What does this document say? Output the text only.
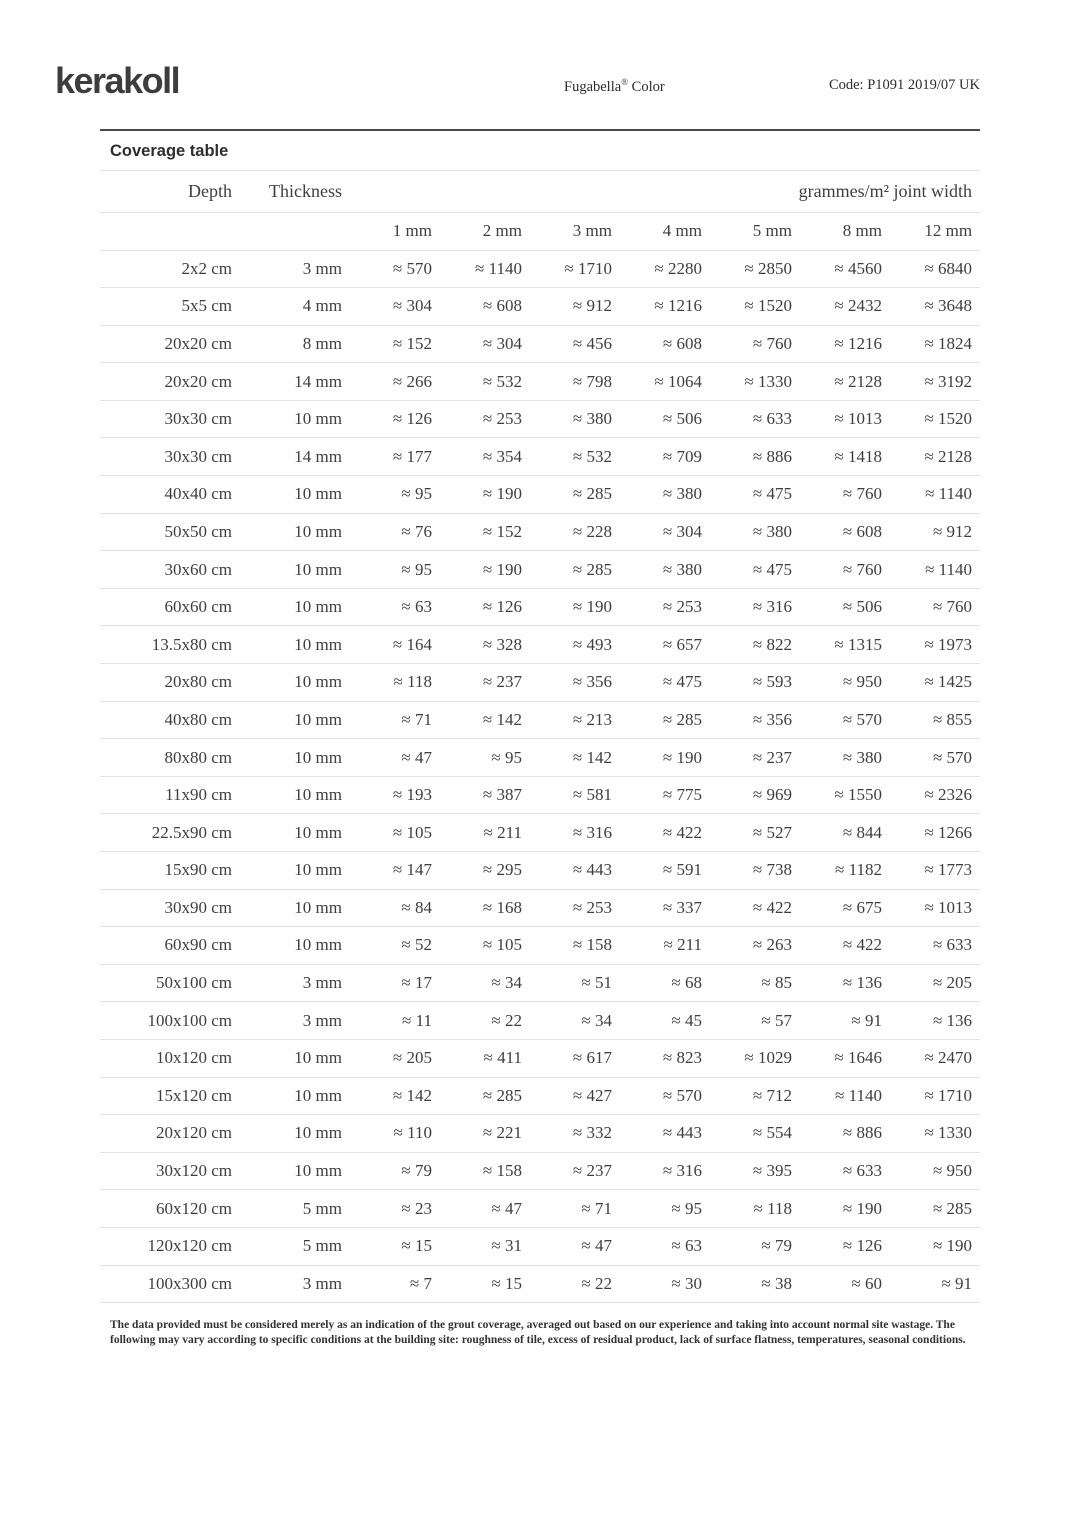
kerakoll	Fugabella® Color	Code: P1091 2019/07 UK
Coverage table
Depth	Thickness	grammes/m² joint width						
		1 mm	2 mm	3 mm	4 mm	5 mm	8 mm	12 mm
2x2 cm	3 mm	≈ 570	≈ 1140	≈ 1710	≈ 2280	≈ 2850	≈ 4560	≈ 6840
5x5 cm	4 mm	≈ 304	≈ 608	≈ 912	≈ 1216	≈ 1520	≈ 2432	≈ 3648
20x20 cm	8 mm	≈ 152	≈ 304	≈ 456	≈ 608	≈ 760	≈ 1216	≈ 1824
20x20 cm	14 mm	≈ 266	≈ 532	≈ 798	≈ 1064	≈ 1330	≈ 2128	≈ 3192
30x30 cm	10 mm	≈ 126	≈ 253	≈ 380	≈ 506	≈ 633	≈ 1013	≈ 1520
30x30 cm	14 mm	≈ 177	≈ 354	≈ 532	≈ 709	≈ 886	≈ 1418	≈ 2128
40x40 cm	10 mm	≈ 95	≈ 190	≈ 285	≈ 380	≈ 475	≈ 760	≈ 1140
50x50 cm	10 mm	≈ 76	≈ 152	≈ 228	≈ 304	≈ 380	≈ 608	≈ 912
30x60 cm	10 mm	≈ 95	≈ 190	≈ 285	≈ 380	≈ 475	≈ 760	≈ 1140
60x60 cm	10 mm	≈ 63	≈ 126	≈ 190	≈ 253	≈ 316	≈ 506	≈ 760
13.5x80 cm	10 mm	≈ 164	≈ 328	≈ 493	≈ 657	≈ 822	≈ 1315	≈ 1973
20x80 cm	10 mm	≈ 118	≈ 237	≈ 356	≈ 475	≈ 593	≈ 950	≈ 1425
40x80 cm	10 mm	≈ 71	≈ 142	≈ 213	≈ 285	≈ 356	≈ 570	≈ 855
80x80 cm	10 mm	≈ 47	≈ 95	≈ 142	≈ 190	≈ 237	≈ 380	≈ 570
11x90 cm	10 mm	≈ 193	≈ 387	≈ 581	≈ 775	≈ 969	≈ 1550	≈ 2326
22.5x90 cm	10 mm	≈ 105	≈ 211	≈ 316	≈ 422	≈ 527	≈ 844	≈ 1266
15x90 cm	10 mm	≈ 147	≈ 295	≈ 443	≈ 591	≈ 738	≈ 1182	≈ 1773
30x90 cm	10 mm	≈ 84	≈ 168	≈ 253	≈ 337	≈ 422	≈ 675	≈ 1013
60x90 cm	10 mm	≈ 52	≈ 105	≈ 158	≈ 211	≈ 263	≈ 422	≈ 633
50x100 cm	3 mm	≈ 17	≈ 34	≈ 51	≈ 68	≈ 85	≈ 136	≈ 205
100x100 cm	3 mm	≈ 11	≈ 22	≈ 34	≈ 45	≈ 57	≈ 91	≈ 136
10x120 cm	10 mm	≈ 205	≈ 411	≈ 617	≈ 823	≈ 1029	≈ 1646	≈ 2470
15x120 cm	10 mm	≈ 142	≈ 285	≈ 427	≈ 570	≈ 712	≈ 1140	≈ 1710
20x120 cm	10 mm	≈ 110	≈ 221	≈ 332	≈ 443	≈ 554	≈ 886	≈ 1330
30x120 cm	10 mm	≈ 79	≈ 158	≈ 237	≈ 316	≈ 395	≈ 633	≈ 950
60x120 cm	5 mm	≈ 23	≈ 47	≈ 71	≈ 95	≈ 118	≈ 190	≈ 285
120x120 cm	5 mm	≈ 15	≈ 31	≈ 47	≈ 63	≈ 79	≈ 126	≈ 190
100x300 cm	3 mm	≈ 7	≈ 15	≈ 22	≈ 30	≈ 38	≈ 60	≈ 91

The data provided must be considered merely as an indication of the grout coverage, averaged out based on our experience and taking into account normal site wastage. The following may vary according to specific conditions at the building site: roughness of tile, excess of residual product, lack of surface flatness, temperatures, seasonal conditions.
